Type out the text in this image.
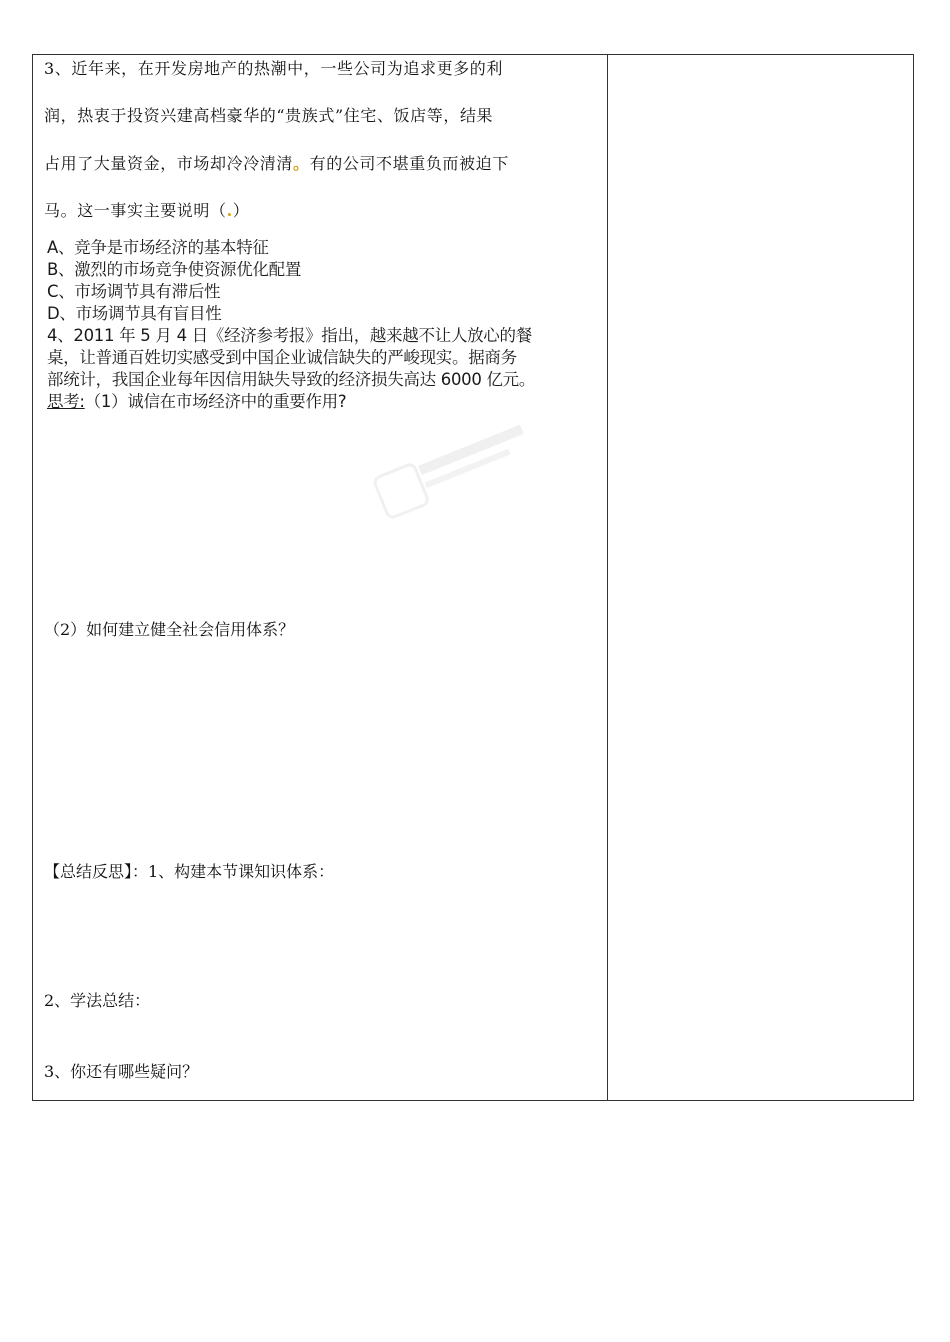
3、近年来，在开发房地产的热潮中，一些公司为追求更多的利
润，热衷于投资兴建高档豪华的“贵族式”住宅、饭店等，结果
占用了大量资金，市场却冷冷清清。有的公司不堪重负而被迫下
马。这一事实主要说明（.）
A、竞争是市场经济的基本特征
B、激烈的市场竞争使资源优化配置
C、市场调节具有滞后性
D、市场调节具有盲目性
4、2011 年 5 月 4 日《经济参考报》指出，越来越不让人放心的餐
桌，让普通百姓切实感受到中国企业诚信缺失的严峻现实。据商务
部统计，我国企业每年因信用缺失导致的经济损失高达 6000 亿元。
思考:（1）诚信在市场经济中的重要作用?
（2）如何建立健全社会信用体系？
【总结反思】：1、构建本节课知识体系：
2、学法总结：
3、你还有哪些疑问？
